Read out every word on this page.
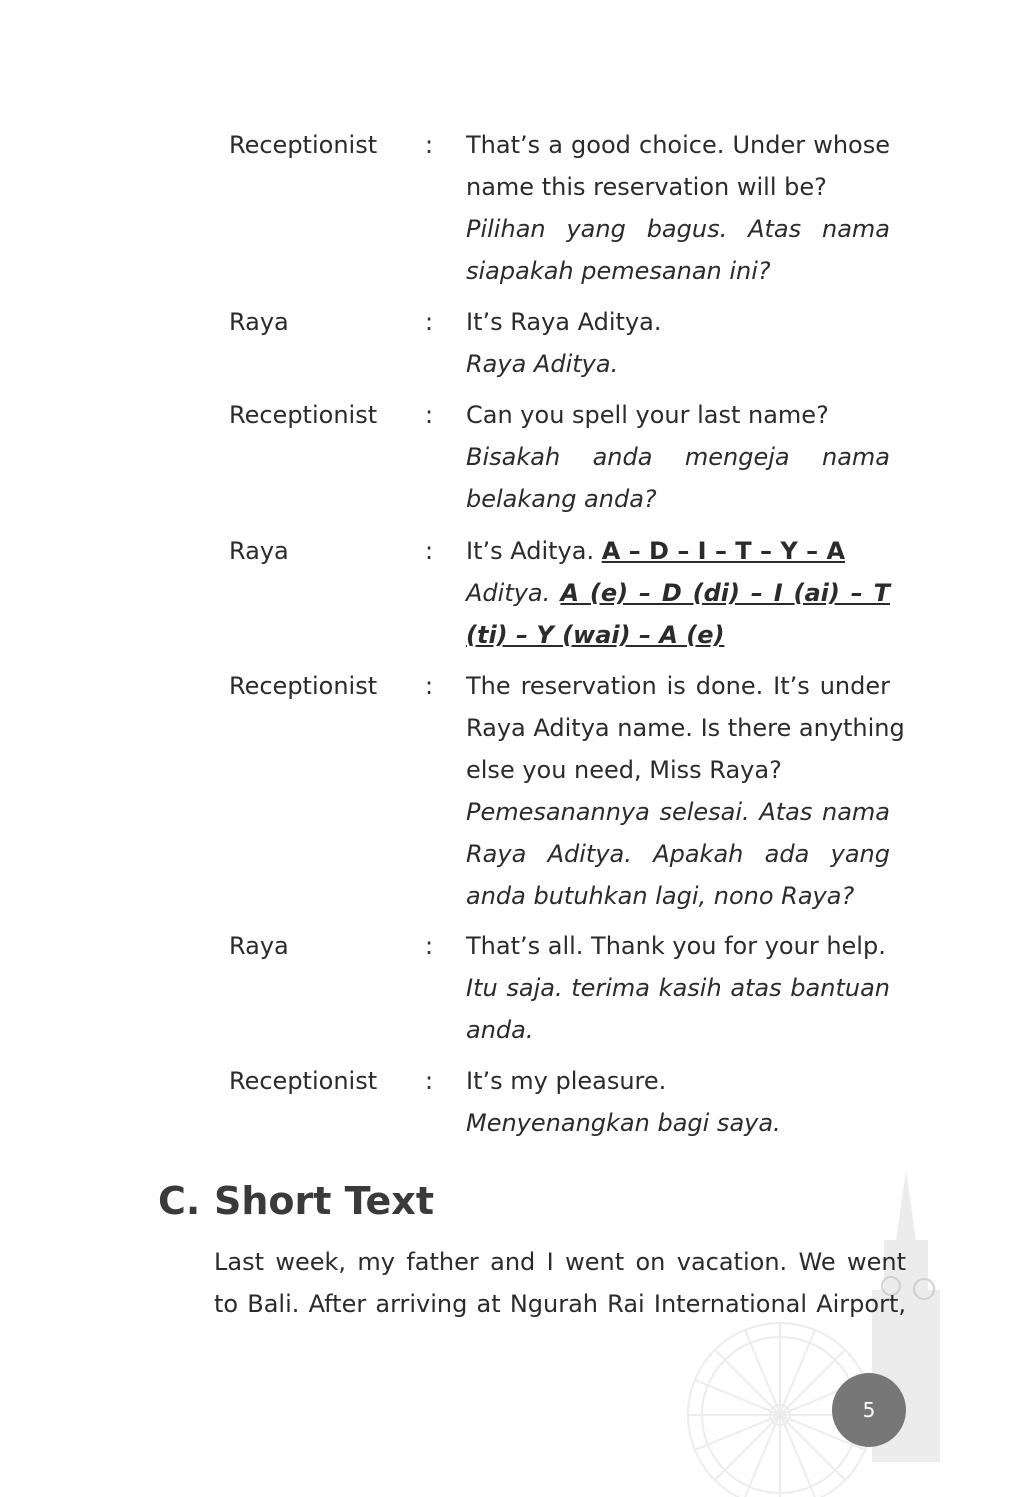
Receptionist : That’s a good choice. Under whose
name this reservation will be?
Pilihan yang bagus. Atas nama
siapakah pemesanan ini?
Raya	: It’s Raya Aditya.
Raya Aditya.
Receptionist : Can you spell your last name?
Bisakah anda mengeja nama
belakang anda?
Raya	: It’s Aditya. A – D – I – T – Y – A
Aditya. A (e) – D (di) – I (ai) – T
(ti) – Y (wai) – A (e)
Receptionist : The reservation is done. It’s under
Raya Aditya name. Is there anything
else you need, Miss Raya?
Pemesanannya selesai. Atas nama
Raya Aditya. Apakah ada yang
anda butuhkan lagi, nono Raya?
Raya	: That’s all. Thank you for your help.
Itu saja. terima kasih atas bantuan
anda.
Receptionist : It’s my pleasure.
Menyenangkan bagi saya.
C. Short Text
Last week, my father and I went on vacation. We went
to Bali. After arriving at Ngurah Rai International Airport,
5
